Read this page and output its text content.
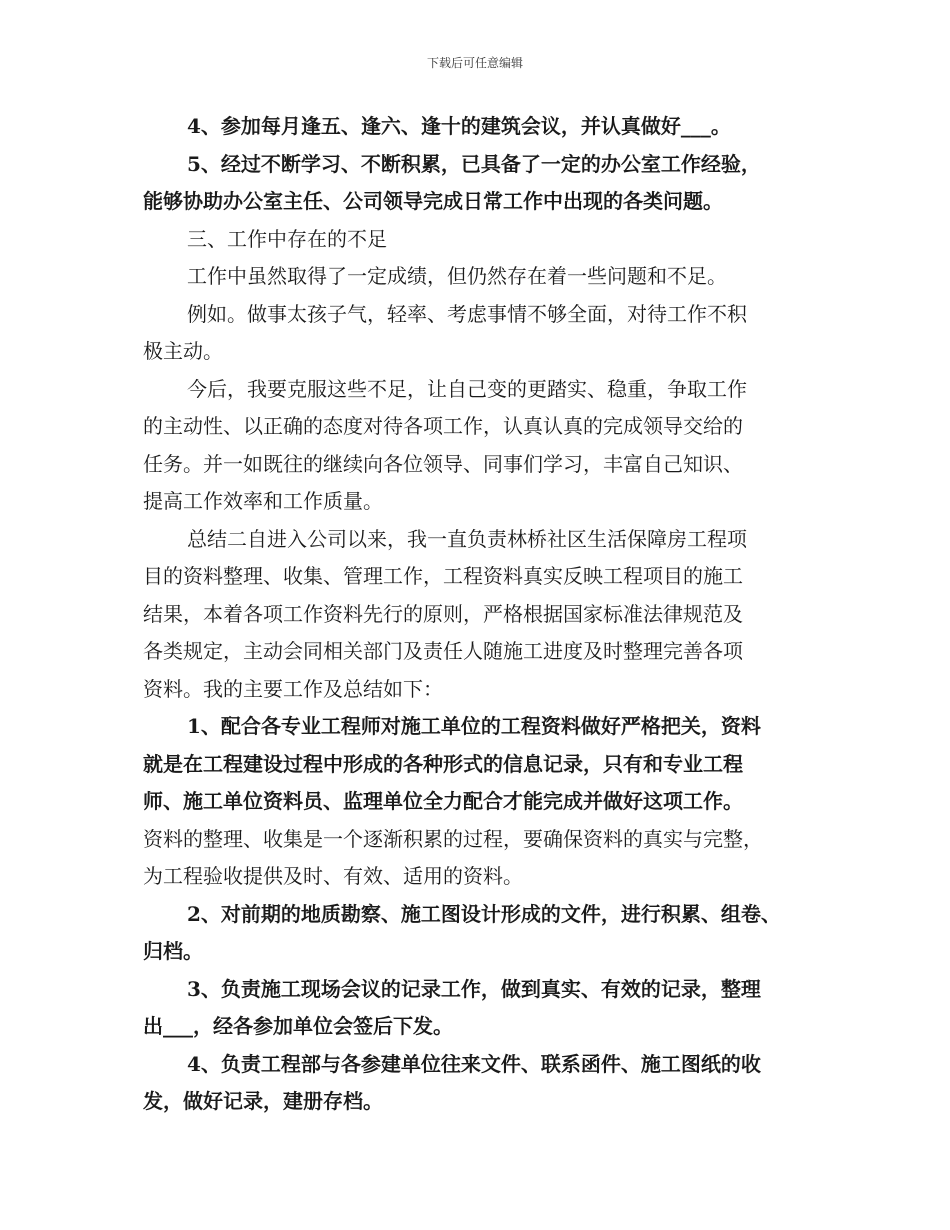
下载后可任意编辑
4、参加每月逢五、逢六、逢十的建筑会议，并认真做好___。
5、经过不断学习、不断积累，已具备了一定的办公室工作经验，
能够协助办公室主任、公司领导完成日常工作中出现的各类问题。
三、工作中存在的不足
工作中虽然取得了一定成绩，但仍然存在着一些问题和不足。
例如。做事太孩子气，轻率、考虑事情不够全面，对待工作不积
极主动。
今后，我要克服这些不足，让自己变的更踏实、稳重，争取工作
的主动性、以正确的态度对待各项工作，认真认真的完成领导交给的
任务。并一如既往的继续向各位领导、同事们学习，丰富自己知识、
提高工作效率和工作质量。
总结二自进入公司以来，我一直负责林桥社区生活保障房工程项
目的资料整理、收集、管理工作，工程资料真实反映工程项目的施工
结果，本着各项工作资料先行的原则，严格根据国家标准法律规范及
各类规定，主动会同相关部门及责任人随施工进度及时整理完善各项
资料。我的主要工作及总结如下：
1、配合各专业工程师对施工单位的工程资料做好严格把关，资料
就是在工程建设过程中形成的各种形式的信息记录，只有和专业工程
师、施工单位资料员、监理单位全力配合才能完成并做好这项工作。
资料的整理、收集是一个逐渐积累的过程，要确保资料的真实与完整，
为工程验收提供及时、有效、适用的资料。
2、对前期的地质勘察、施工图设计形成的文件，进行积累、组卷、
归档。
3、负责施工现场会议的记录工作，做到真实、有效的记录，整理
出___，经各参加单位会签后下发。
4、负责工程部与各参建单位往来文件、联系函件、施工图纸的收
发，做好记录，建册存档。
